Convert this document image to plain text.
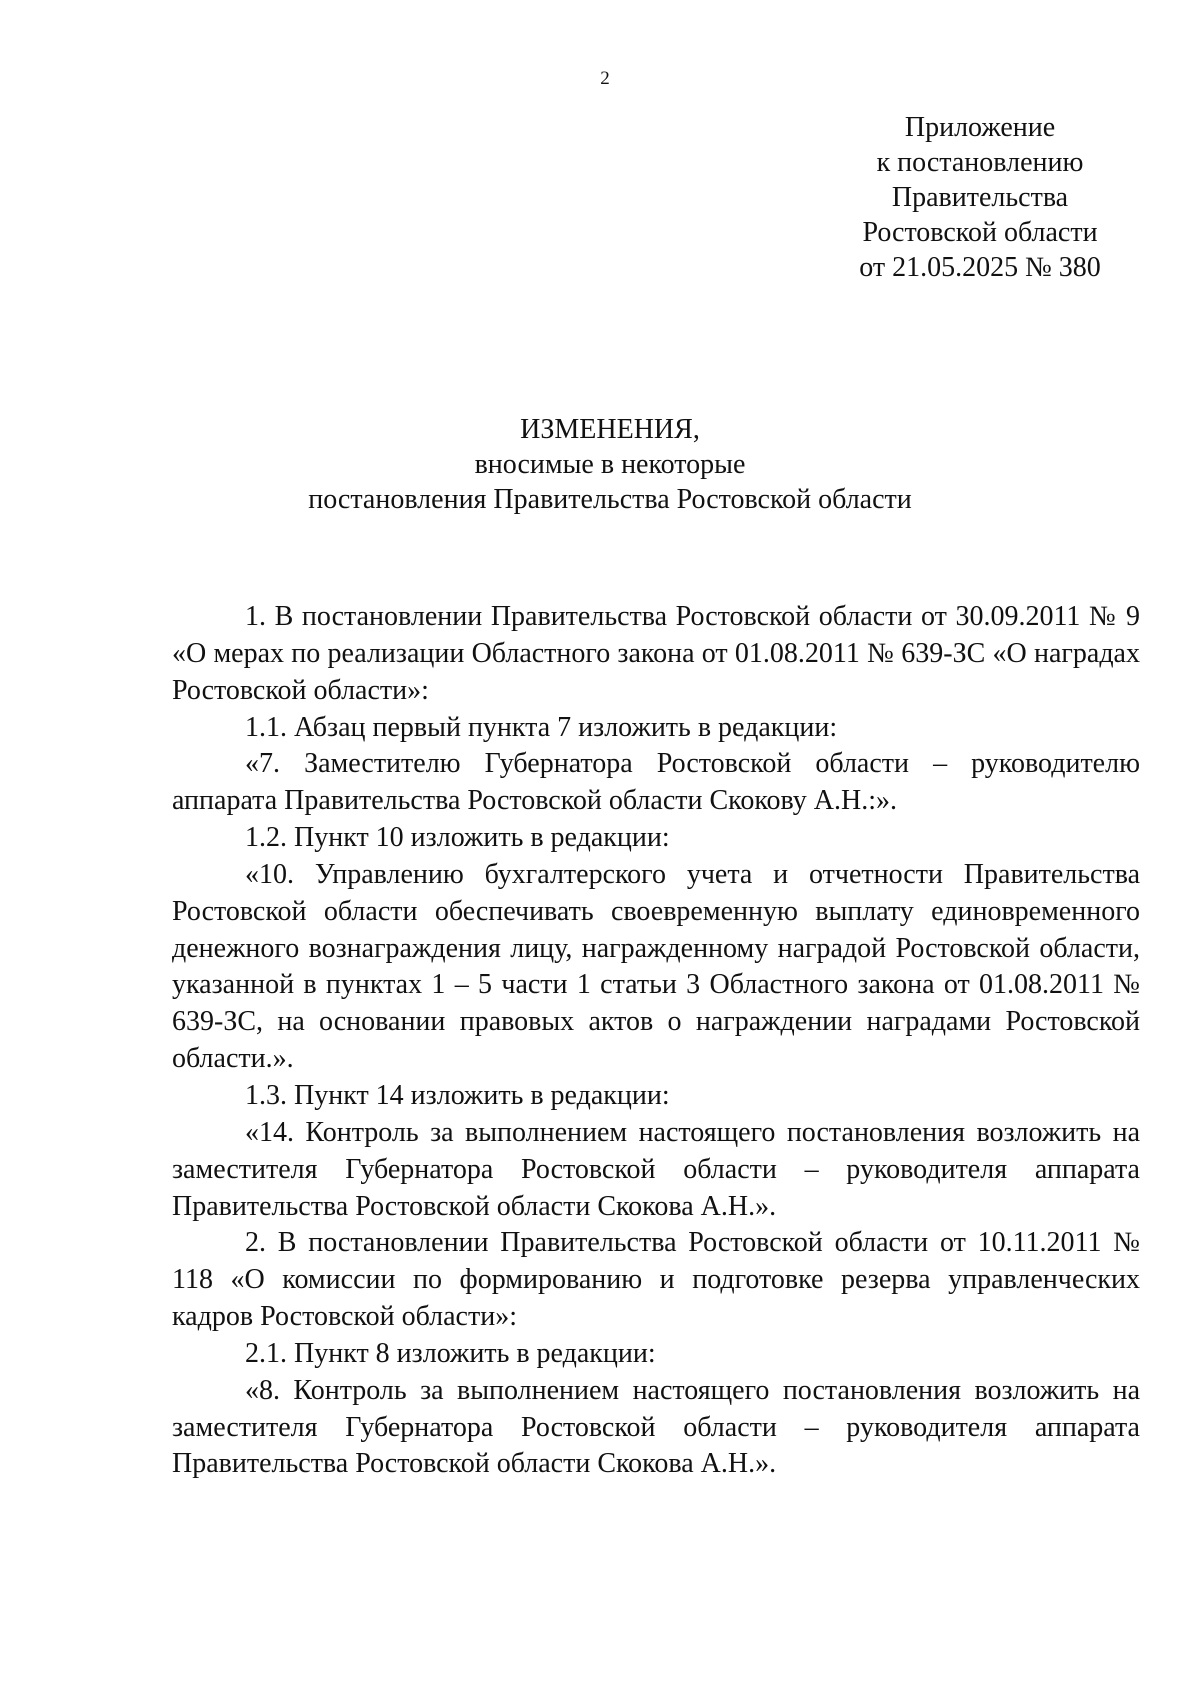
2
Приложение
к постановлению
Правительства
Ростовской области
от 21.05.2025 № 380
ИЗМЕНЕНИЯ,
вносимые в некоторые
постановления Правительства Ростовской области

1. В постановлении Правительства Ростовской области от 30.09.2011 № 9 «О мерах по реализации Областного закона от 01.08.2011 № 639-ЗС «О наградах Ростовской области»:

1.1. Абзац первый пункта 7 изложить в редакции:

«7. Заместителю Губернатора Ростовской области – руководителю аппарата Правительства Ростовской области Скокову А.Н.:».

1.2. Пункт 10 изложить в редакции:

«10. Управлению бухгалтерского учета и отчетности Правительства Ростовской области обеспечивать своевременную выплату единовременного денежного вознаграждения лицу, награжденному наградой Ростовской области, указанной в пунктах 1 – 5 части 1 статьи 3 Областного закона от 01.08.2011 № 639-ЗС, на основании правовых актов о награждении наградами Ростовской области.».

1.3. Пункт 14 изложить в редакции:

«14. Контроль за выполнением настоящего постановления возложить на заместителя Губернатора Ростовской области – руководителя аппарата Правительства Ростовской области Скокова А.Н.».

2. В постановлении Правительства Ростовской области от 10.11.2011 № 118 «О комиссии по формированию и подготовке резерва управленческих кадров Ростовской области»:

2.1. Пункт 8 изложить в редакции:

«8. Контроль за выполнением настоящего постановления возложить на заместителя Губернатора Ростовской области – руководителя аппарата Правительства Ростовской области Скокова А.Н.».
